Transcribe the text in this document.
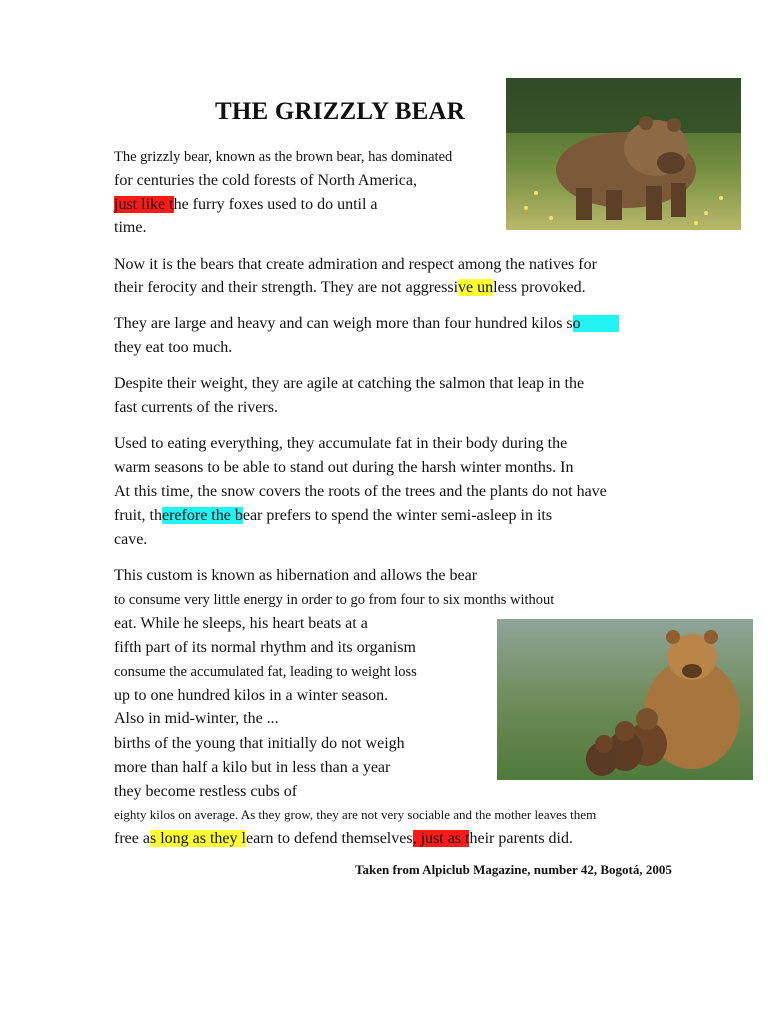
THE GRIZZLY BEAR
The grizzly bear, known as the brown bear, has dominated
for centuries the cold forests of North America,
just like the furry foxes used to do until a
time.
Now it is the bears that create admiration and respect among the natives for
their ferocity and their strength. They are not aggressive unless provoked.
They are large and heavy and can weigh more than four hundred kilos so
they eat too much.
Despite their weight, they are agile at catching the salmon that leap in the
fast currents of the rivers.
Used to eating everything, they accumulate fat in their body during the
warm seasons to be able to stand out during the harsh winter months. In
At this time, the snow covers the roots of the trees and the plants do not have
fruit, therefore the bear prefers to spend the winter semi-asleep in its
cave.
This custom is known as hibernation and allows the bear
to consume very little energy in order to go from four to six months without
eat. While he sleeps, his heart beats at a
fifth part of its normal rhythm and its organism
consume the accumulated fat, leading to weight loss
up to one hundred kilos in a winter season.
Also in mid-winter, the ...
births of the young that initially do not weigh
more than half a kilo but in less than a year
they become restless cubs of
eighty kilos on average. As they grow, they are not very sociable and the mother leaves them
free as long as they learn to defend themselves, just as their parents did.
Taken from Alpiclub Magazine, number 42, Bogotá, 2005
